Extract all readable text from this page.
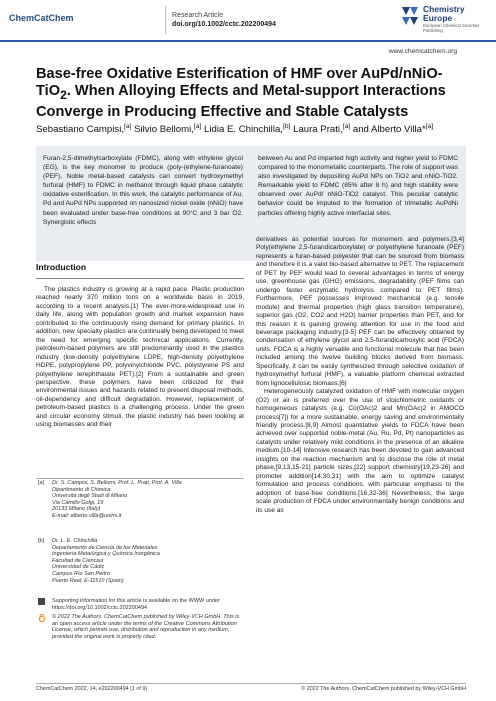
ChemCatChem	Research Article
doi.org/10.1002/cctc.202200494
Chemistry
Europe
European Chemical Societies Publishing
www.chemcatchem.org
Base-free Oxidative Esterification of HMF over AuPd/nNiO-TiO$_2$. When Alloying Effects and Metal-support Interactions Converge in Producing Effective and Stable Catalysts
Sebastiano Campisi,[a] Silvio Bellomi,[a] Lidia E. Chinchilla,[b] Laura Prati,[a] and Alberto Villa*[a]
Furan-2,5-dimethylcarboxylate (FDMC), along with ethylene glycol (EG), is the key monomer to produce (poly-(ethylene-furanoate) (PEF). Noble metal-based catalysts can convert hydroxymethyl furfural (HMF) to FDMC in methanol through liquid phase catalytic oxidative esterification. In this work, the catalytic performance of Au, Pd and AuPd NPs supported on nanosized nickel oxide (nNiO) have been evaluated under base-free conditions at 90°C and 3 bar O2. Synergistic effects
between Au and Pd imparted high activity and higher yield to FDMC compared to the monometallic counterparts. The role of support was also investigated by depositing AuPd NPs on TiO2 and nNiO-TiO2. Remarkable yield to FDMC (85% after 8 h) and high stability were observed over AuPd/ nNiO-TiO2 catalyst. This peculiar catalytic behavior could be imputed to the formation of trimetallic AuPdNi particles offering highly active interfacial sites.
Introduction
The plastics industry is growing at a rapid pace. Plastic production reached nearly 370 million tons on a worldwide basis in 2019, according to a recent analysis.[1] The ever-more-widespread use in daily life, along with population growth and market expansion have contributed to the continuously rising demand for primary plastics. In addition, new specialty plastics are continually being developed to meet the need for emerging specific technical applications. Currently, petroleum-based polymers are still predominantly used in the plastics industry (low-density polyethylene LDPE, high-density polyethylene HDPE, polypropylene PP, polyvinylchloride PVC, polystyrene PS and polyethylene terephthalate PET).[2] From a sustainable and green perspective, these polymers have been criticized for their environmental issues and hazards related to present disposal methods, oil-dependency and difficult degradation. However, replacement of petroleum-based plastics is a challenging process. Under the green and circular economy stimuli, the plastic industry has been looking at using biomasses and their
derivatives as potential sources for monomers and polymers.[3,4] Poly(ethylene 2,5-furandicarboxylate) or polyethylene furanoate (PEF) represents a furan-based polyester that can be sourced from biomass and therefore it is a valid bio-based alternative to PET. The replacement of PET by PEF would lead to several advantages in terms of energy use, greenhouse gas (GHG) emissions, degradability (PEF films can undergo faster enzymatic hydrolysis compared to PET films). Furthermore, PEF possesses improved mechanical (e.g. tensile module) and thermal properties (high glass transition temperature), superior gas (O2, CO2 and H2O) barrier properties than PET, and for this reason it is gaining growing attention for use in the food and beverage packaging industry.[3-5] PEF can be effectively obtained by condensation of ethylene glycol and 2,5-furandicarboxylic acid (FDCA) units. FDCA is a highly versatile and functional molecule that has been included among the twelve building blocks derived from biomass. Specifically, it can be easily synthesized through selective oxidation of hydroxymethyl furfural (HMF), a valuable platform chemical extracted from lignocellulosic biomass.[6]
Heterogeneously catalyzed oxidation of HMF with molecular oxygen (O2) or air is preferred over the use of stoichiometric oxidants or homogeneous catalysts (e.g. Co(OAc)2 and Mn(OAc)2 in AMOCO process[7]) for a more sustainable, energy saving and environmentally friendly process.[8,9] Almost quantitative yields to FDCA have been achieved over supported noble-metal (Au, Ru, Pd, Pt) nanoparticles as catalysts under relatively mild conditions in the presence of an alkaline medium.[10-14] Intensive research has been devoted to gain advanced insights on the reaction mechanism and to disclose the role of metal phase,[9,13,15-21] particle sizes,[22] support chemistry[19,23-26] and promoter addition[14,30,31] with the aim to optimize catalyst formulation and process conditions, with particular emphasis to the adoption of base-free conditions.[16,32-36] Nevertheless, the large scale production of FDCA under environmentally benign conditions and its use as
[a] Dr. S. Campisi, S. Bellomi, Prof. L. Prati, Prof. A. Villa
Dipartimento di Chimica
Università degli Studi di Milano
Via Camillo Golgi, 19
20133 Milano (Italy)
E-mail: alberto.villa@unimi.it
[b] Dr. L. E. Chinchilla
Departamento de Ciencia de los Materiales
Ingeniería Metalúrgica y Química Inorgánica
Facultad de Ciencias
Universidad de Cádiz
Campus Río San Pedro
Puerto Real, E-11510 (Spain)
Supporting information for this article is available on the WWW under https://doi.org/10.1002/cctc.202200494
© 2022 The Authors. ChemCatChem published by Wiley-VCH GmbH. This is an open access article under the terms of the Creative Commons Attribution License, which permits use, distribution and reproduction in any medium, provided the original work is properly cited.
ChemCatChem 2022, 14, e202200494 (1 of 9)	© 2022 The Authors. ChemCatChem published by Wiley-VCH GmbH
